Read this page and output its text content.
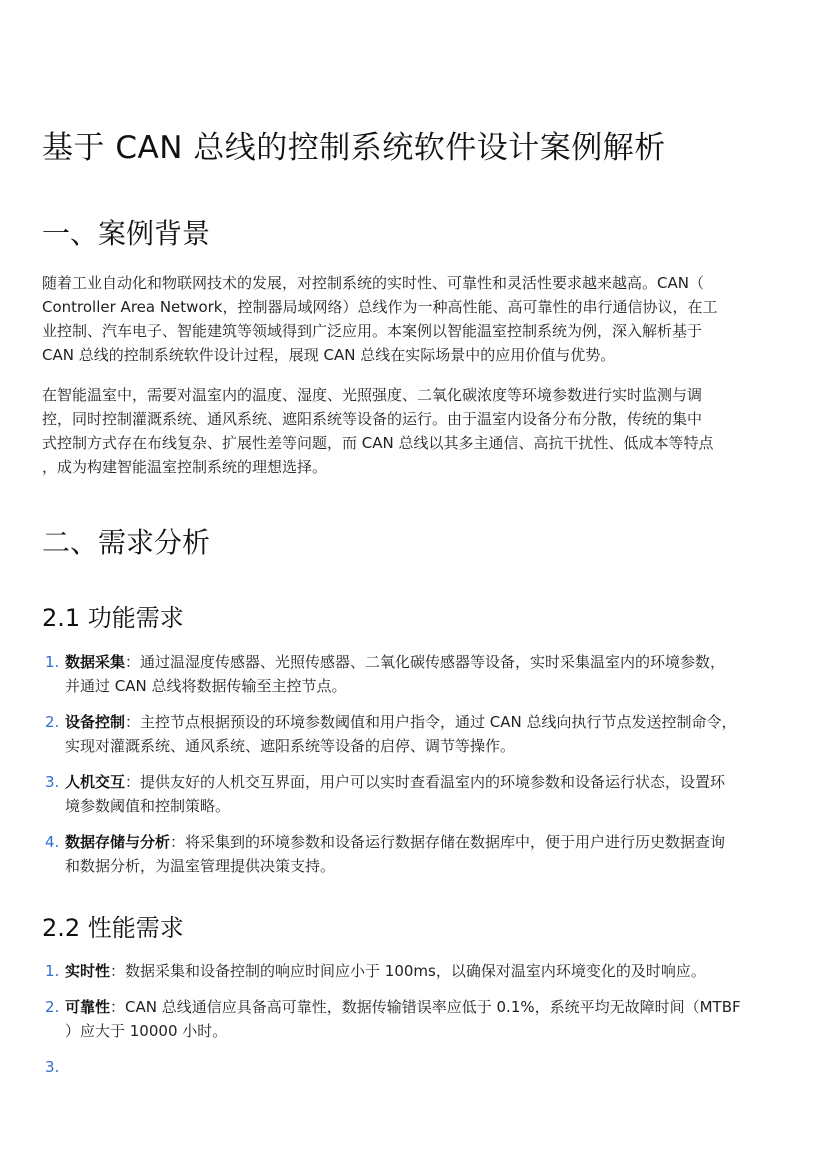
基于 CAN 总线的控制系统软件设计案例解析
一、案例背景

随着工业自动化和物联网技术的发展，对控制系统的实时性、可靠性和灵活性要求越来越高。CAN（
Controller Area Network，控制器局域网络）总线作为一种高性能、高可靠性的串行通信协议，在工
业控制、汽车电子、智能建筑等领域得到广泛应用。本案例以智能温室控制系统为例，深入解析基于
CAN 总线的控制系统软件设计过程，展现 CAN 总线在实际场景中的应用价值与优势。

在智能温室中，需要对温室内的温度、湿度、光照强度、二氧化碳浓度等环境参数进行实时监测与调
控，同时控制灌溉系统、通风系统、遮阳系统等设备的运行。由于温室内设备分布分散，传统的集中
式控制方式存在布线复杂、扩展性差等问题，而 CAN 总线以其多主通信、高抗干扰性、低成本等特点
，成为构建智能温室控制系统的理想选择。

二、需求分析
2.1 功能需求
1. 数据采集：通过温湿度传感器、光照传感器、二氧化碳传感器等设备，实时采集温室内的环境参数，
并通过 CAN 总线将数据传输至主控节点。
2. 设备控制：主控节点根据预设的环境参数阈值和用户指令，通过 CAN 总线向执行节点发送控制命令，
实现对灌溉系统、通风系统、遮阳系统等设备的启停、调节等操作。
3. 人机交互：提供友好的人机交互界面，用户可以实时查看温室内的环境参数和设备运行状态，设置环
境参数阈值和控制策略。
4. 数据存储与分析：将采集到的环境参数和设备运行数据存储在数据库中，便于用户进行历史数据查询
和数据分析，为温室管理提供决策支持。
2.2 性能需求
1. 实时性：数据采集和设备控制的响应时间应小于 100ms，以确保对温室内环境变化的及时响应。
2. 可靠性：CAN 总线通信应具备高可靠性，数据传输错误率应低于 0.1%，系统平均无故障时间（MTBF
）应大于 10000 小时。
3.
